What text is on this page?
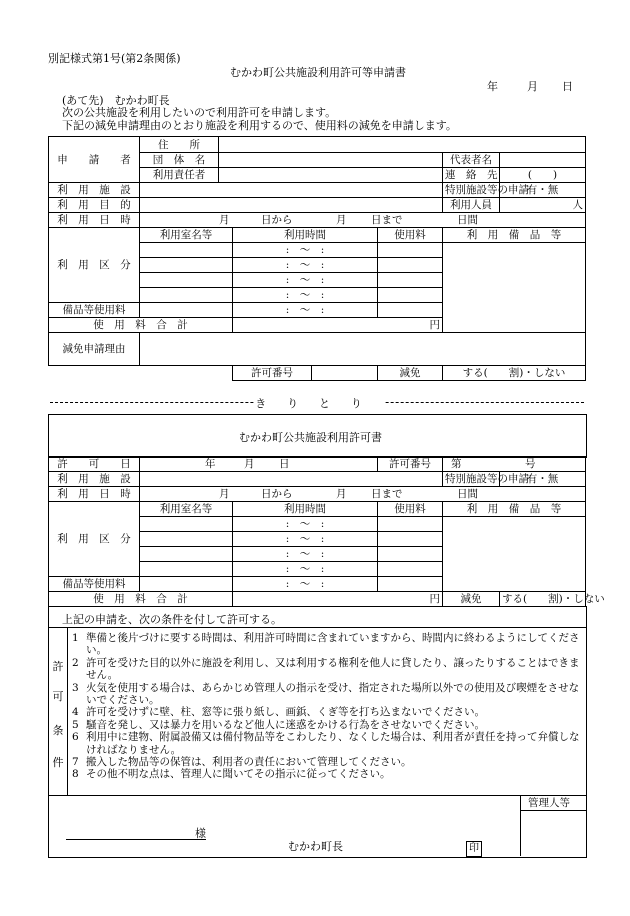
別記様式第1号(第2条関係)
むかわ町公共施設利用許可等申請書
年	月 日
(あて先)　むかわ町長
次の公共施設を利用したいので利用許可を申請します。
下記の減免申請理由のとおり施設を利用するので、使用料の減免を申請します。
申　　請　　者	住　　所						
	団　体　名					代表者名	
	利用責任者					連　絡　先	(　　)
利　用　施　設						特別施設等の申請	有・無
利　用　目　的						利用人員	人
利　用　日　時	月 日から 月 日まで 日間						

利　用　区　分	利用室名等		利用時間		使用料	利　用　備　品　等	
			:　〜　:				
			:　〜　:				
			:　〜　:				
			:　〜　:				
備品等使用料			:　〜　:				
使　用　料　合　計			円				
減免申請理由							
			許可番号		減免	する(　　割)・しない	
きりとり
むかわ町公共施設利用許可書
許　　可　　日	年 月 日		許可番号	第 号	

利　用　施　設				特別施設等の申請	有・無
利　用　日　時	月 日から 月 日まで 日間				

利　用　区　分	利用室名等	利用時間	使用料	利　用　備　品　等	
		:　〜　:			
		:　〜　:			
		:　〜　:			
		:　〜　:			
備品等使用料		:　〜　:			
使　用　料　合　計		円		減免	する(　　割)・しない
上記の申請を、次の条件を付して許可する。
許
可
条
件
1 準備と後片づけに要する時間は、利用許可時間に含まれていますから、時間内に終わるようにしてください。
2 許可を受けた目的以外に施設を利用し、又は利用する権利を他人に貸したり、譲ったりすることはできません。
3 火気を使用する場合は、あらかじめ管理人の指示を受け、指定された場所以外での使用及び喫煙をさせないでください。
4 許可を受けずに壁、柱、窓等に張り紙し、画鋲、くぎ等を打ち込まないでください。
5 騒音を発し、又は暴力を用いるなど他人に迷惑をかける行為をさせないでください。
6 利用中に建物、附属設備又は備付物品等をこわしたり、なくした場合は、利用者が責任を持って弁償しなければなりません。
7 搬入した物品等の保管は、利用者の責任において管理してください。
8 その他不明な点は、管理人に聞いてその指示に従ってください。
管理人等
様
むかわ町長	印
